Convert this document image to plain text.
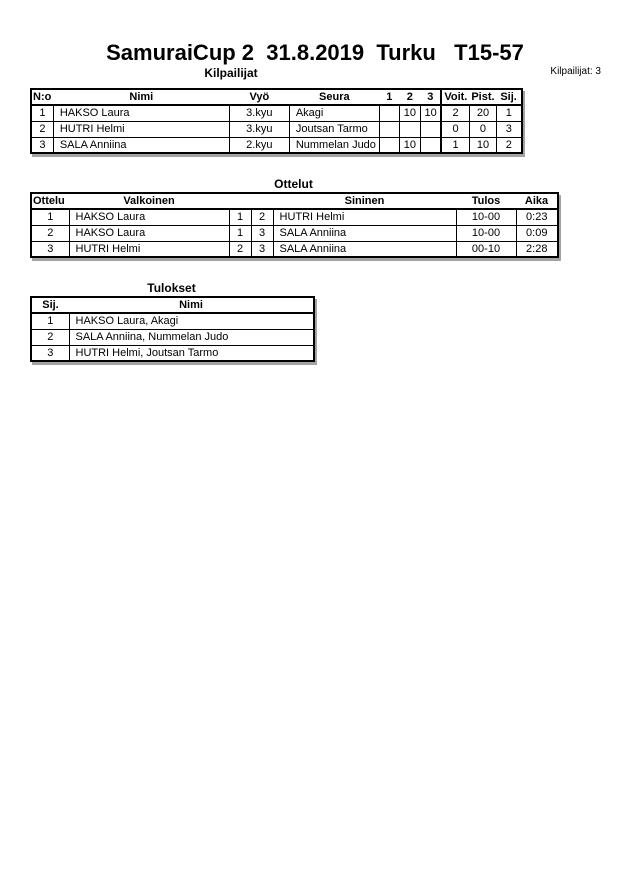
SamuraiCup 2  31.8.2019  Turku   T15-57
Kilpailijat	Kilpailijat: 3
N:o	Nimi	Vyö	Seura	1	2	3	Voit.	Pist.	Sij.
1	HAKSO Laura	3.kyu	Akagi		10	10	2	20	1
2	HUTRI Helmi	3.kyu	Joutsan Tarmo				0	0	3
3	SALA Anniina	2.kyu	Nummelan Judo		10		1	10	2
Ottelut
Ottelu	Valkoinen			Sininen	Tulos	Aika
1	HAKSO Laura	1	2	HUTRI Helmi	10-00	0:23
2	HAKSO Laura	1	3	SALA Anniina	10-00	0:09
3	HUTRI Helmi	2	3	SALA Anniina	00-10	2:28
Tulokset
Sij.	Nimi
1	HAKSO Laura, Akagi
2	SALA Anniina, Nummelan Judo
3	HUTRI Helmi, Joutsan Tarmo
